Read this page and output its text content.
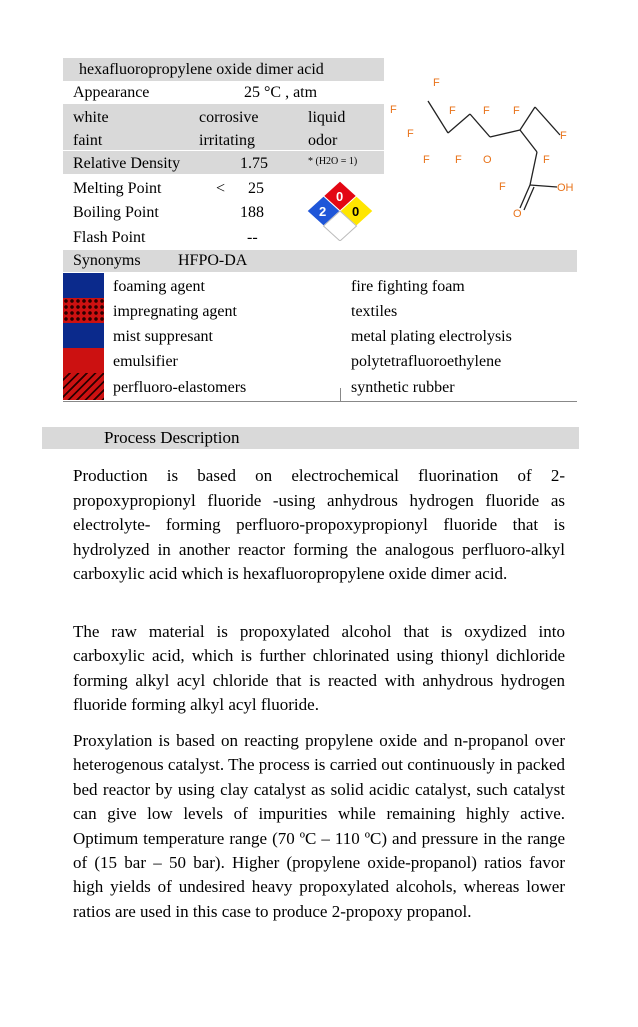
hexafluoropropylene oxide dimer acid
Appearance	25 °C , atm
white	corrosive	liquid
faint	irritating	odor
Relative Density	1.75	* (H2O = 1)
Melting Point	< 25
Boiling Point	188
Flash Point	--
0
2 0
Synonyms HFPO-DA
F
F	F F F
F	F
F F O	F
F	OH
O
foaming agent	fire fighting foam
impregnating agent	textiles
mist suppresant	metal plating electrolysis
emulsifier	polytetrafluoroethylene
perfluoro-elastomers	synthetic rubber
Process Description

Production is based on electrochemical fluorination of 2-propoxypropionyl fluoride -using anhydrous hydrogen fluoride as electrolyte- forming perfluoro-propoxypropionyl fluoride that is hydrolyzed in another reactor forming the analogous perfluoro-alkyl carboxylic acid which is hexafluoropropylene oxide dimer acid.

The raw material is propoxylated alcohol that is oxydized into carboxylic acid, which is further chlorinated using thionyl dichloride forming alkyl acyl chloride that is reacted with anhydrous hydrogen fluoride forming alkyl acyl fluoride.

Proxylation is based on reacting propylene oxide and n-propanol over heterogenous catalyst. The process is carried out continuously in packed bed reactor by using clay catalyst as solid acidic catalyst, such catalyst can give low levels of impurities while remaining highly active. Optimum temperature range (70 ºC – 110 ºC) and pressure in the range of (15 bar – 50 bar). Higher (propylene oxide-propanol) ratios favor high yields of undesired heavy propoxylated alcohols, whereas lower ratios are used in this case to produce 2-propoxy propanol.
